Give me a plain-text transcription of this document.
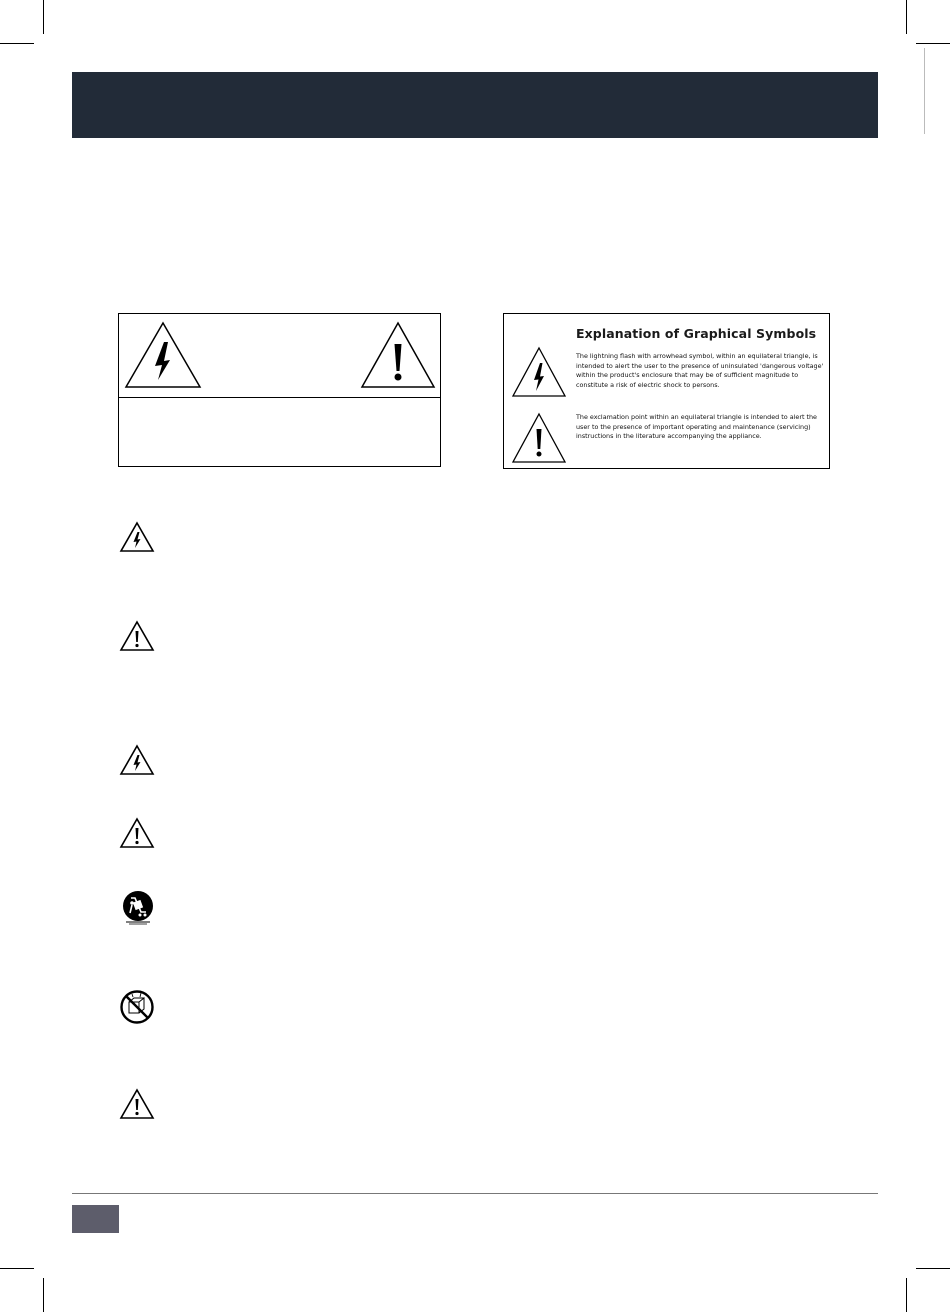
Explanation of Graphical Symbols
The lightning flash with arrowhead symbol, within an equilateral triangle, is intended to alert the user to the presence of uninsulated 'dangerous voltage' within the product's enclosure that may be of sufficient magnitude to constitute a risk of electric shock to persons.
The exclamation point within an equilateral triangle is intended to alert the user to the presence of important operating and maintenance (servicing) instructions in the literature accompanying the appliance.
